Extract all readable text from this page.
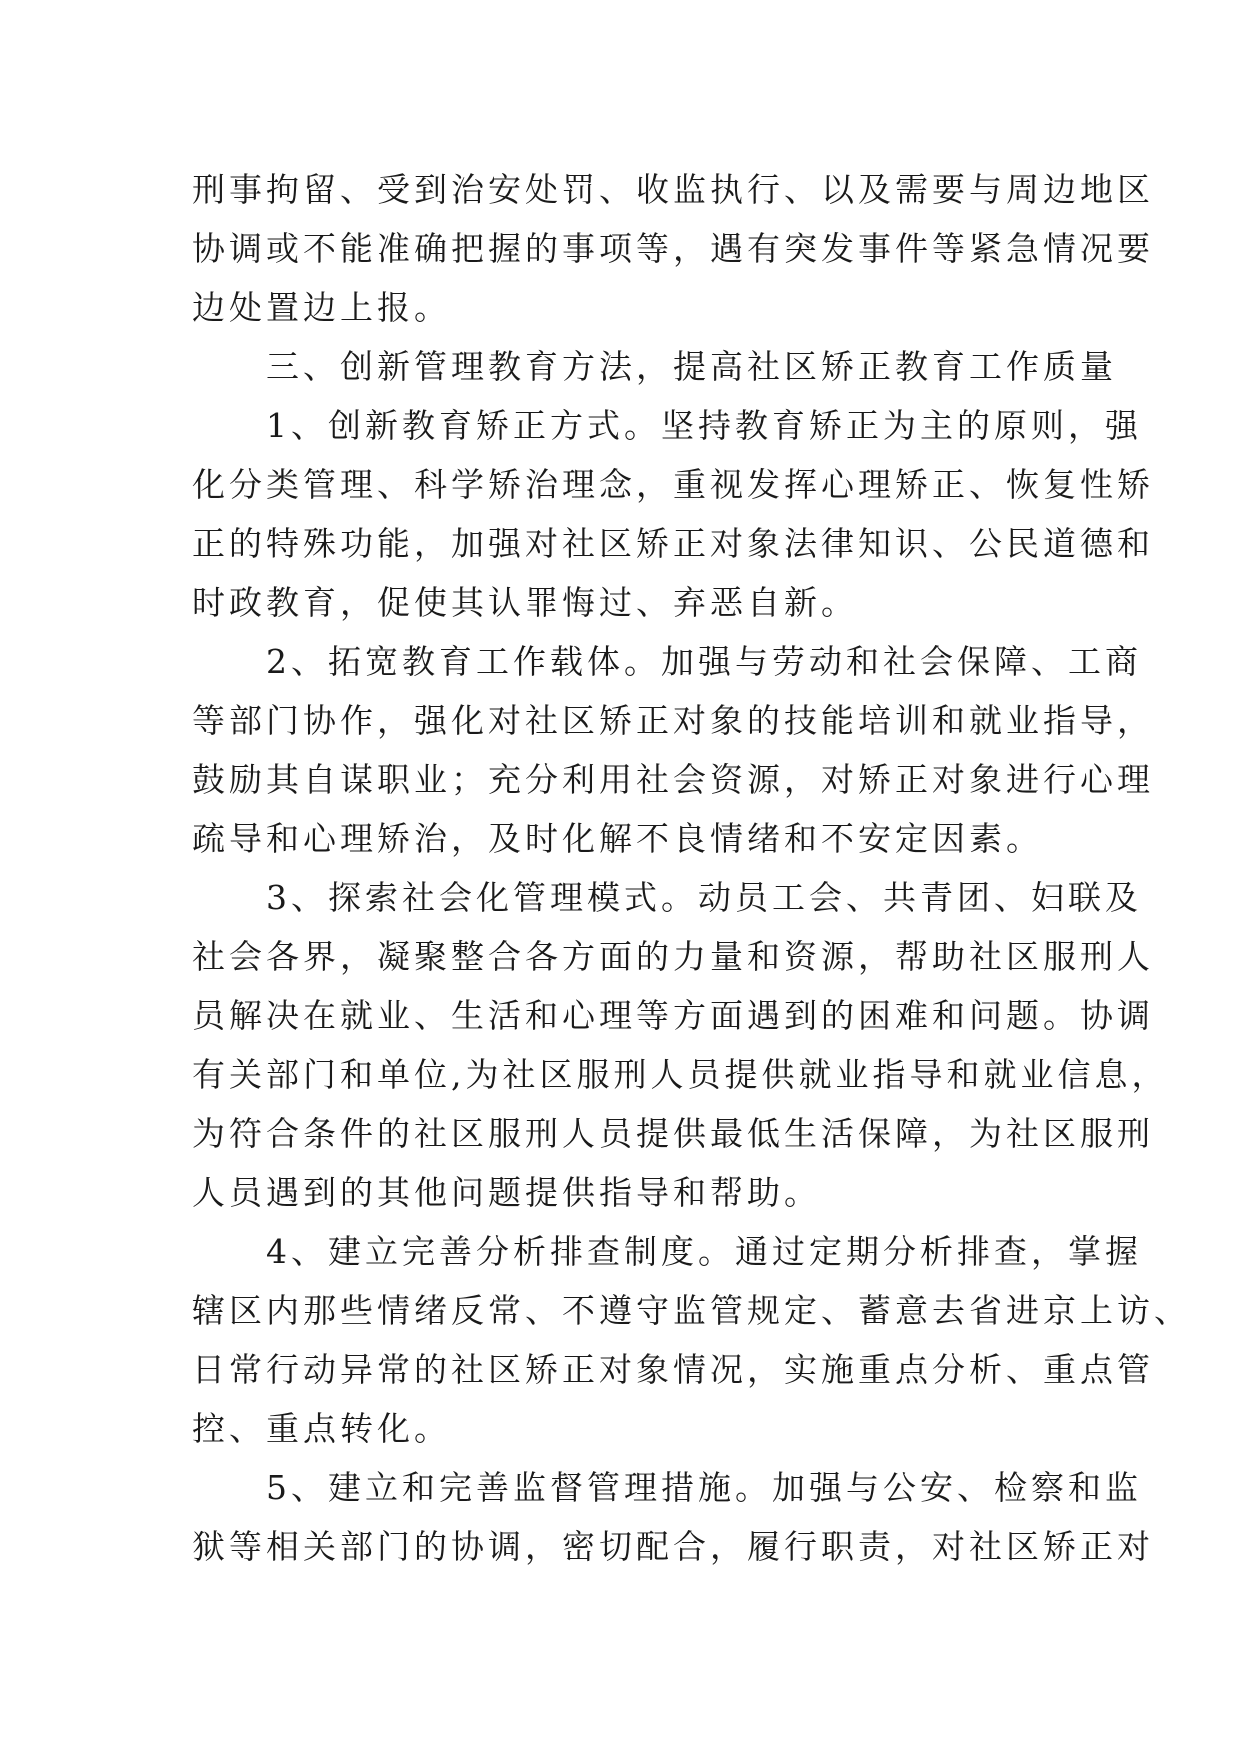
刑事拘留、受到治安处罚、收监执行、以及需要与周边地区
协调或不能准确把握的事项等，遇有突发事件等紧急情况要
边处置边上报。
三、创新管理教育方法，提高社区矫正教育工作质量
1、创新教育矫正方式。坚持教育矫正为主的原则，强
化分类管理、科学矫治理念，重视发挥心理矫正、恢复性矫
正的特殊功能，加强对社区矫正对象法律知识、公民道德和
时政教育，促使其认罪悔过、弃恶自新。
2、拓宽教育工作载体。加强与劳动和社会保障、工商
等部门协作，强化对社区矫正对象的技能培训和就业指导，
鼓励其自谋职业；充分利用社会资源，对矫正对象进行心理
疏导和心理矫治，及时化解不良情绪和不安定因素。
3、探索社会化管理模式。动员工会、共青团、妇联及
社会各界，凝聚整合各方面的力量和资源，帮助社区服刑人
员解决在就业、生活和心理等方面遇到的困难和问题。协调
有关部门和单位,为社区服刑人员提供就业指导和就业信息，
为符合条件的社区服刑人员提供最低生活保障，为社区服刑
人员遇到的其他问题提供指导和帮助。
4、建立完善分析排查制度。通过定期分析排查，掌握
辖区内那些情绪反常、不遵守监管规定、蓄意去省进京上访、
日常行动异常的社区矫正对象情况，实施重点分析、重点管
控、重点转化。
5、建立和完善监督管理措施。加强与公安、检察和监
狱等相关部门的协调，密切配合，履行职责，对社区矫正对
